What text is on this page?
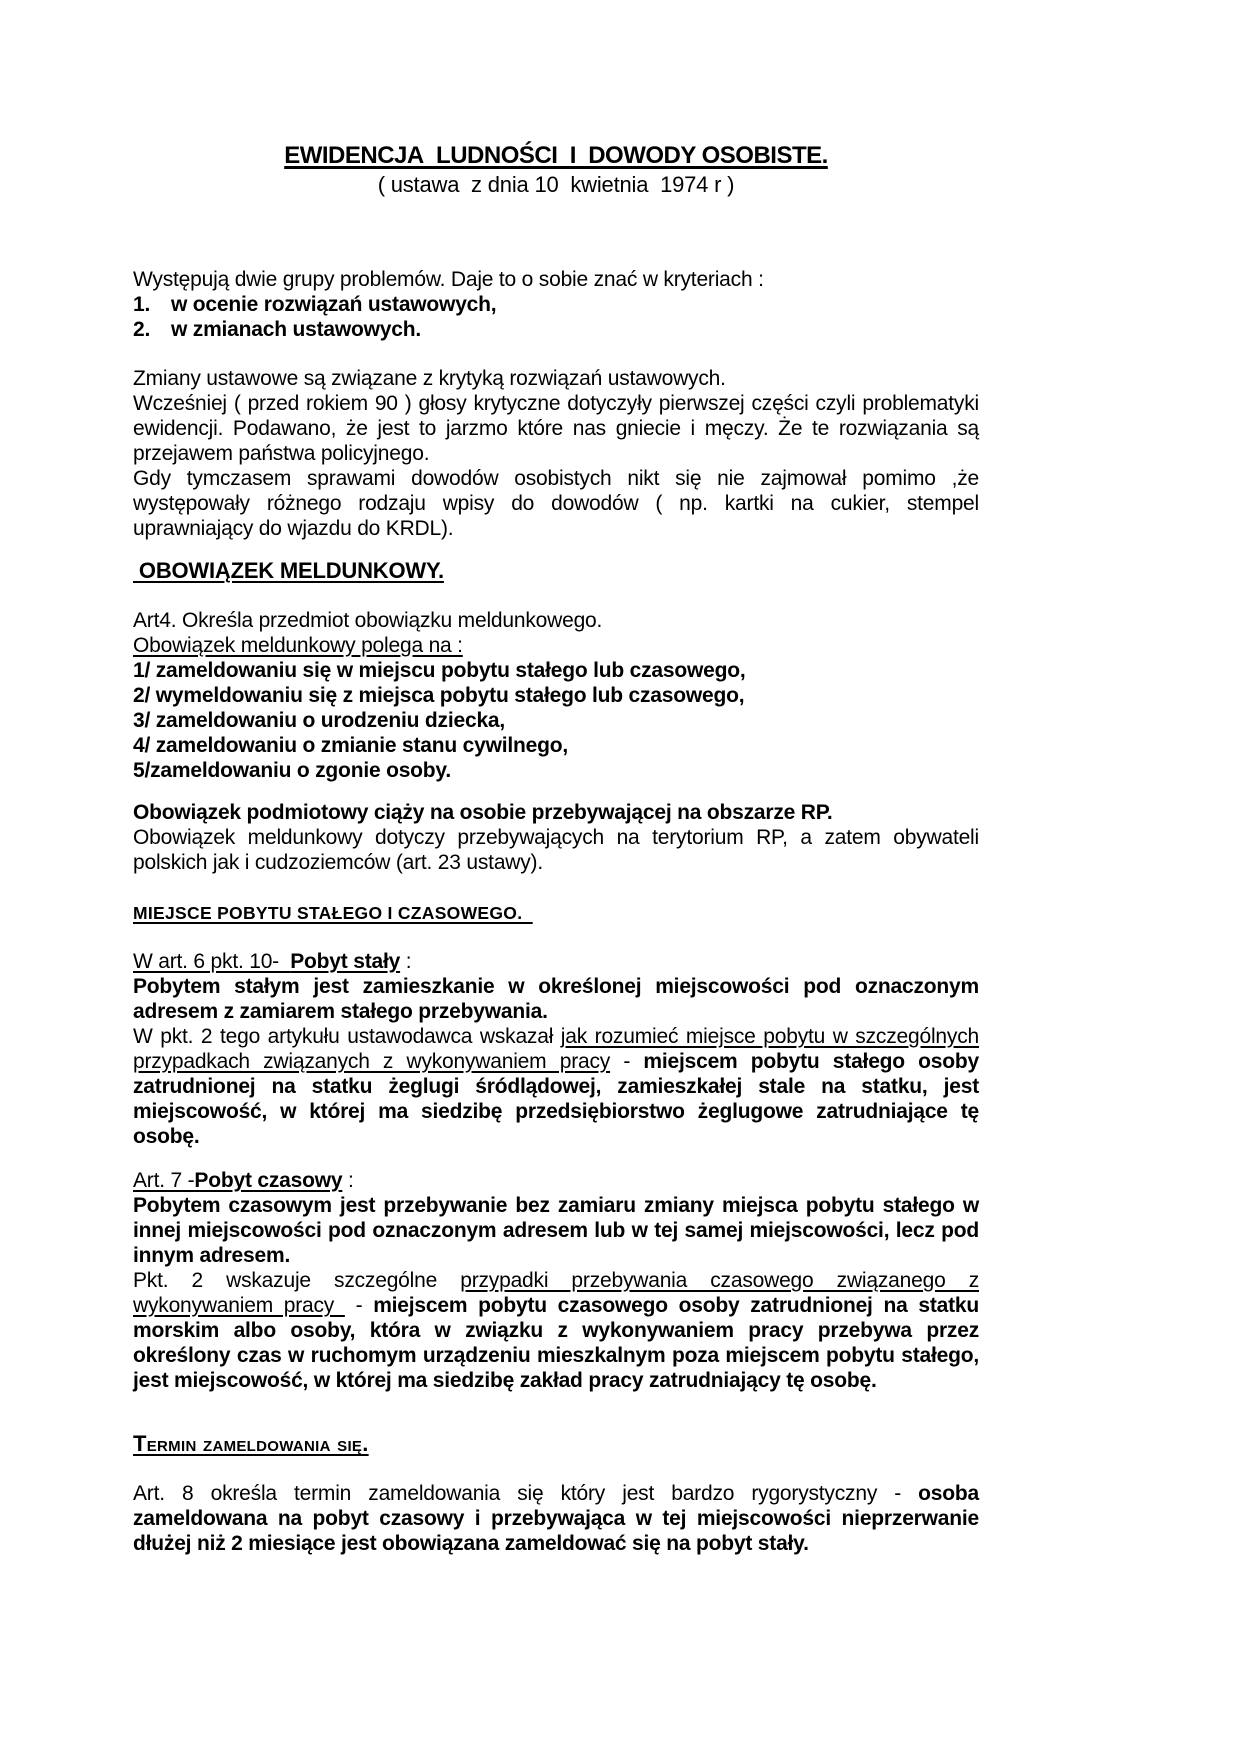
EWIDENCJA  LUDNOŚCI  I  DOWODY OSOBISTE.

( ustawa  z dnia 10  kwietnia  1974 r )

Występują dwie grupy problemów. Daje to o sobie znać w kryteriach :

1. w ocenie rozwiązań ustawowych,

2. w zmianach ustawowych.

Zmiany ustawowe są związane z krytyką rozwiązań ustawowych.

Wcześniej ( przed rokiem 90 ) głosy krytyczne dotyczyły pierwszej części czyli problematyki ewidencji. Podawano, że jest to jarzmo które nas gniecie i męczy. Że te rozwiązania są przejawem państwa policyjnego.

Gdy tymczasem sprawami dowodów osobistych nikt się nie zajmował pomimo ,że występowały różnego rodzaju wpisy do dowodów ( np. kartki na cukier, stempel uprawniający do wjazdu do KRDL).

OBOWIĄZEK MELDUNKOWY.

Art4. Określa przedmiot obowiązku meldunkowego.

Obowiązek meldunkowy polega na :

1/ zameldowaniu się w miejscu pobytu stałego lub czasowego,

2/ wymeldowaniu się z miejsca pobytu stałego lub czasowego,

3/ zameldowaniu o urodzeniu dziecka,

4/ zameldowaniu o zmianie stanu cywilnego,

5/zameldowaniu o zgonie osoby.

Obowiązek podmiotowy ciąży na osobie przebywającej na obszarze RP.

Obowiązek meldunkowy dotyczy przebywających na terytorium RP, a zatem obywateli polskich jak i cudzoziemców (art. 23 ustawy).

MIEJSCE POBYTU STAŁEGO I CZASOWEGO.

W art. 6 pkt. 10-  Pobyt stały :

Pobytem stałym jest zamieszkanie w określonej miejscowości pod oznaczonym adresem z zamiarem stałego przebywania.

W pkt. 2 tego artykułu ustawodawca wskazał jak rozumieć miejsce pobytu w szczególnych przypadkach związanych z wykonywaniem pracy - miejscem pobytu stałego osoby zatrudnionej na statku żeglugi śródlądowej, zamieszkałej stale na statku, jest miejscowość, w której ma siedzibę przedsiębiorstwo żeglugowe zatrudniające tę osobę.

Art. 7 -Pobyt czasowy :

Pobytem czasowym jest przebywanie bez zamiaru zmiany miejsca pobytu stałego w innej miejscowości pod oznaczonym adresem lub w tej samej miejscowości, lecz pod innym adresem.

Pkt. 2 wskazuje szczególne przypadki przebywania czasowego związanego z wykonywaniem pracy  - miejscem pobytu czasowego osoby zatrudnionej na statku morskim albo osoby, która w związku z wykonywaniem pracy przebywa przez określony czas w ruchomym urządzeniu mieszkalnym poza miejscem pobytu stałego, jest miejscowość, w której ma siedzibę zakład pracy zatrudniający tę osobę.

Termin zameldowania się.

Art. 8 określa termin zameldowania się który jest bardzo rygorystyczny - osoba zameldowana na pobyt czasowy i przebywająca w tej miejscowości nieprzerwanie dłużej niż 2 miesiące jest obowiązana zameldować się na pobyt stały.
